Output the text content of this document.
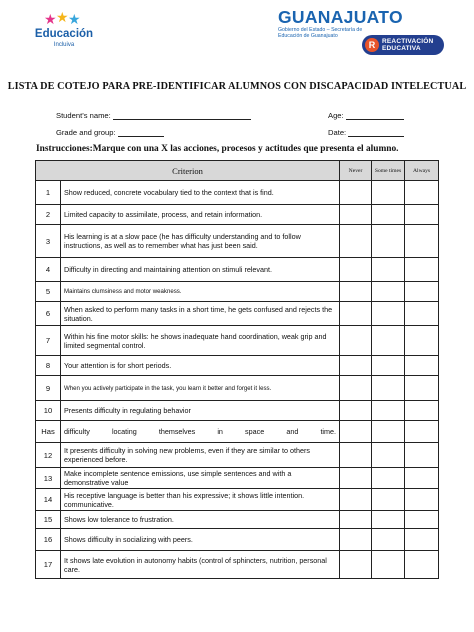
★ ★ ★
Educación
Incluiva
GUANAJUATO
Gobierno del Estado – Secretaría de Educación de Guanajuato
R	REACTIVACIÓN
EDUCATIVA
LISTA DE COTEJO PARA PRE-IDENTIFICAR ALUMNOS CON DISCAPACIDAD INTELECTUAL
Student’s name:	Age:
Grade and group:	Date:
Instrucciones:Marque con una X las acciones, procesos y actitudes que presenta el alumno.
Criterion		Never	Some times	Always
1	Show reduced, concrete vocabulary tied to the context that is find.			
2	Limited capacity to assimilate, process, and retain information.			
3	His learning is at a slow pace (he has difficulty understanding and to follow instructions, as well as to remember what has just been said.			
4	Difficulty in directing and maintaining attention on stimuli relevant.			
5	Maintains clumsiness and motor weakness.			
6	When asked to perform many tasks in a short time, he gets confused and rejects the situation.			
7	Within his fine motor skills: he shows inadequate hand coordination, weak grip and limited segmental control.			
8	Your attention is for short periods.			
9	When you actively participate in the task, you learn it better and forget it less.			
10	Presents difficulty in regulating behavior			
Has	difficulty locating themselves in space and time.			
12	It presents difficulty in solving new problems, even if they are similar to others experienced before.			
13	Make incomplete sentence emissions, use simple sentences and with a demonstrative value			
14	His receptive language is better than his expressive; it shows little intention. communicative.			
15	Shows low tolerance to frustration.			
16	Shows difficulty in socializing with peers.			
17	It shows late evolution in autonomy habits (control of sphincters, nutrition, personal care.			
